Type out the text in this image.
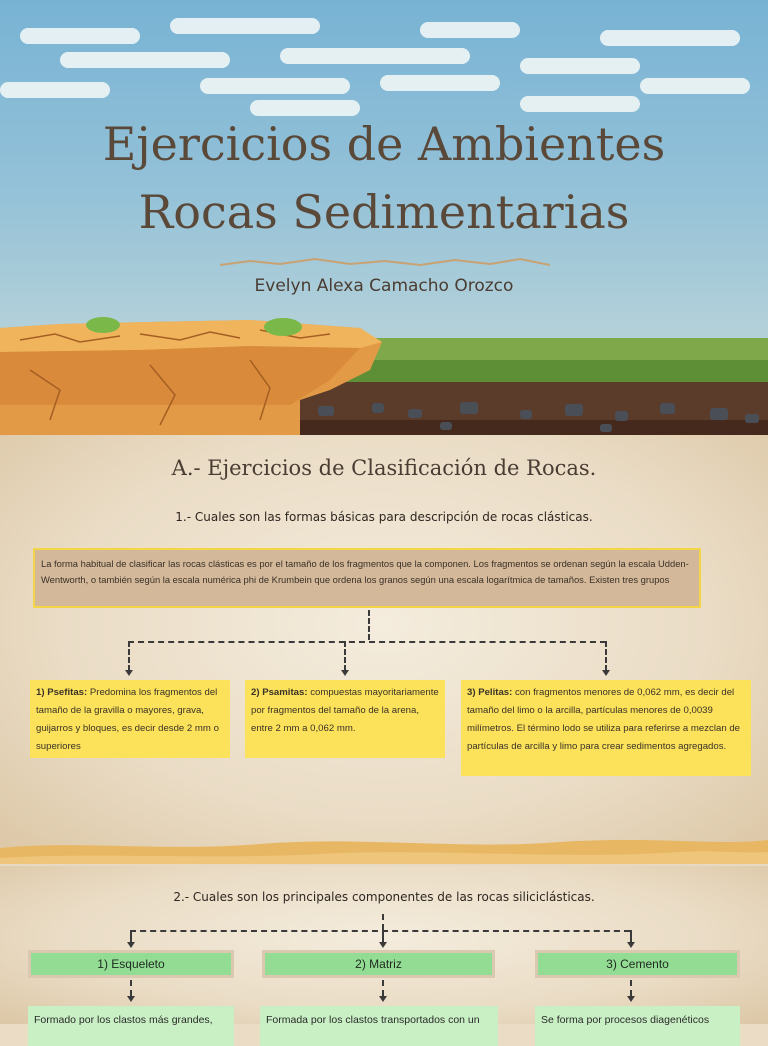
Ejercicios de Ambientes
Rocas Sedimentarias
Evelyn Alexa Camacho Orozco
A.- Ejercicios de Clasificación de Rocas.
1.- Cuales son las formas básicas para descripción de rocas clásticas.
La forma habitual de clasificar las rocas clásticas es por el tamaño de los fragmentos que la componen. Los fragmentos se ordenan según la escala Udden-Wentworth, o también según la escala numérica phi de Krumbein que ordena los granos según una escala logarítmica de tamaños. Existen tres grupos
1) Psefitas: Predomina los fragmentos del tamaño de la gravilla o mayores, grava, guijarros y bloques, es decir desde 2 mm o superiores
2) Psamitas: compuestas mayoritariamente por fragmentos del tamaño de la arena, entre 2 mm a 0,062 mm.
3) Pelitas: con fragmentos menores de 0,062 mm, es decir del tamaño del limo o la arcilla, partículas menores de 0,0039 milímetros. El término lodo se utiliza para referirse a mezclan de partículas de arcilla y limo para crear sedimentos agregados.
2.- Cuales son los principales componentes de las rocas siliciclásticas.
1) Esqueleto	2) Matriz	3) Cemento
Formado por los clastos más grandes,	Formada por los clastos transportados con un	Se forma por procesos diagenéticos
